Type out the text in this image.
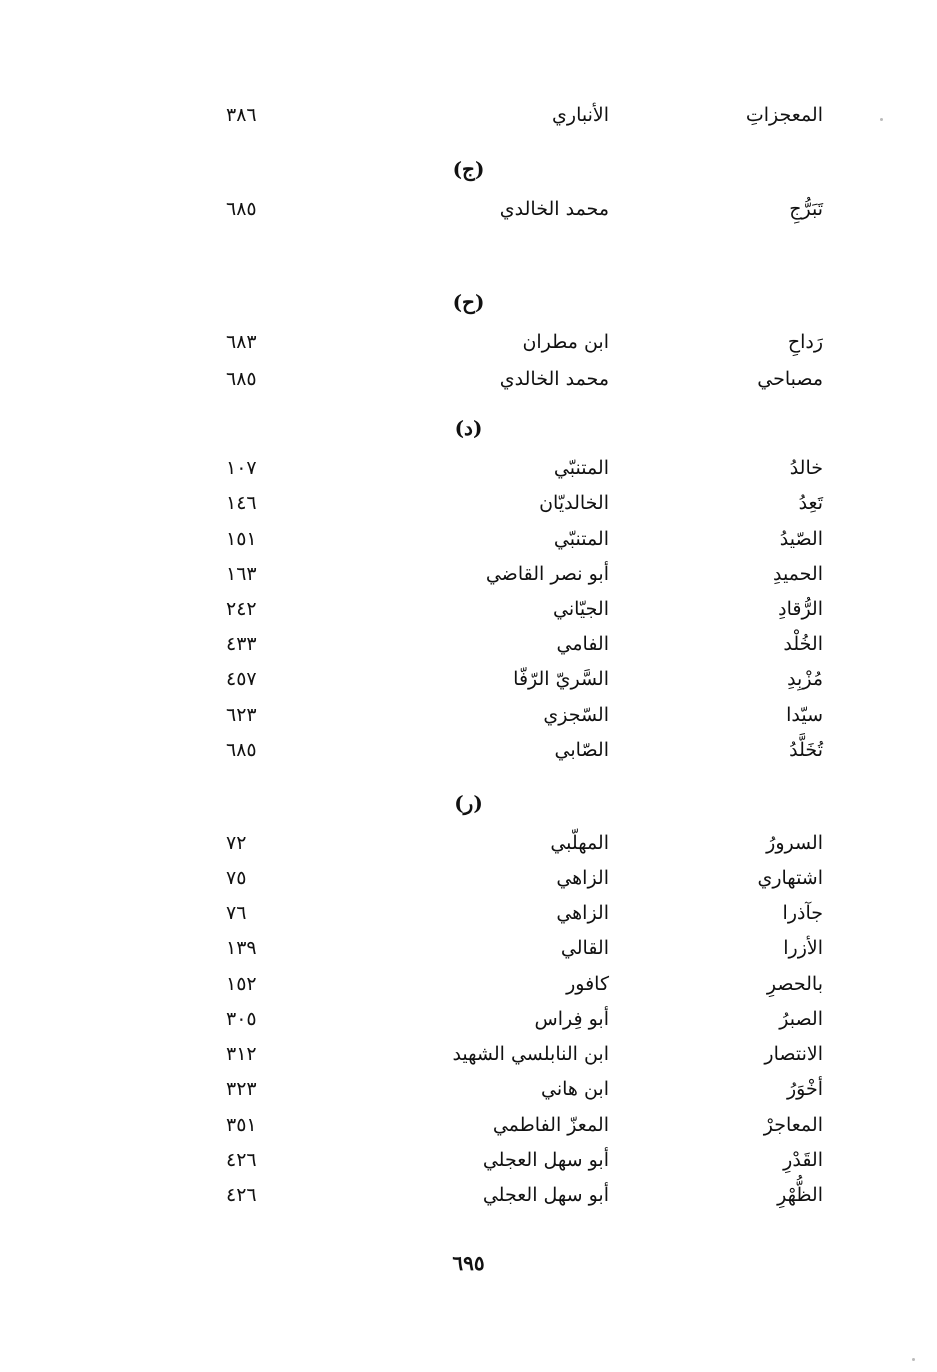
المعجزاتِ
الأنباري
٣٨٦
(ج)
تَبَرُّجِ
محمد الخالدي
٦٨٥
(ح)
رَداحِ
ابن مطران
٦٨٣
مصباحي
محمد الخالدي
٦٨٥
(د)
خالدُ
المتنبّي
١٠٧
تَعِدُ
الخالديّان
١٤٦
الصّيدُ
المتنبّي
١٥١
الحميدِ
أبو نصر القاضي
١٦٣
الرُّقادِ
الجيّاني
٢٤٢
الخُلْد
الفامي
٤٣٣
مُزْبِدِ
السَّريّ الرّفّا
٤٥٧
سيّدا
السّجزي
٦٢٣
تُخَلَّدُ
الصّابي
٦٨٥
(ر)
السرورُ
المهلّبي
٧٢
اشتهاري
الزاهي
٧٥
جآذرا
الزاهي
٧٦
الأزرا
القالي
١٣٩
بالحصرِ
كافور
١٥٢
الصبرُ
أبو فِراس
٣٠٥
الانتصار
ابن النابلسي الشهيد
٣١٢
أخْوَرُ
ابن هاني
٣٢٣
المعاجرْ
المعزّ الفاطمي
٣٥١
القَدْرِ
أبو سهل العجلي
٤٢٦
الظُّهْرِ
أبو سهل العجلي
٤٢٦
٦٩٥
